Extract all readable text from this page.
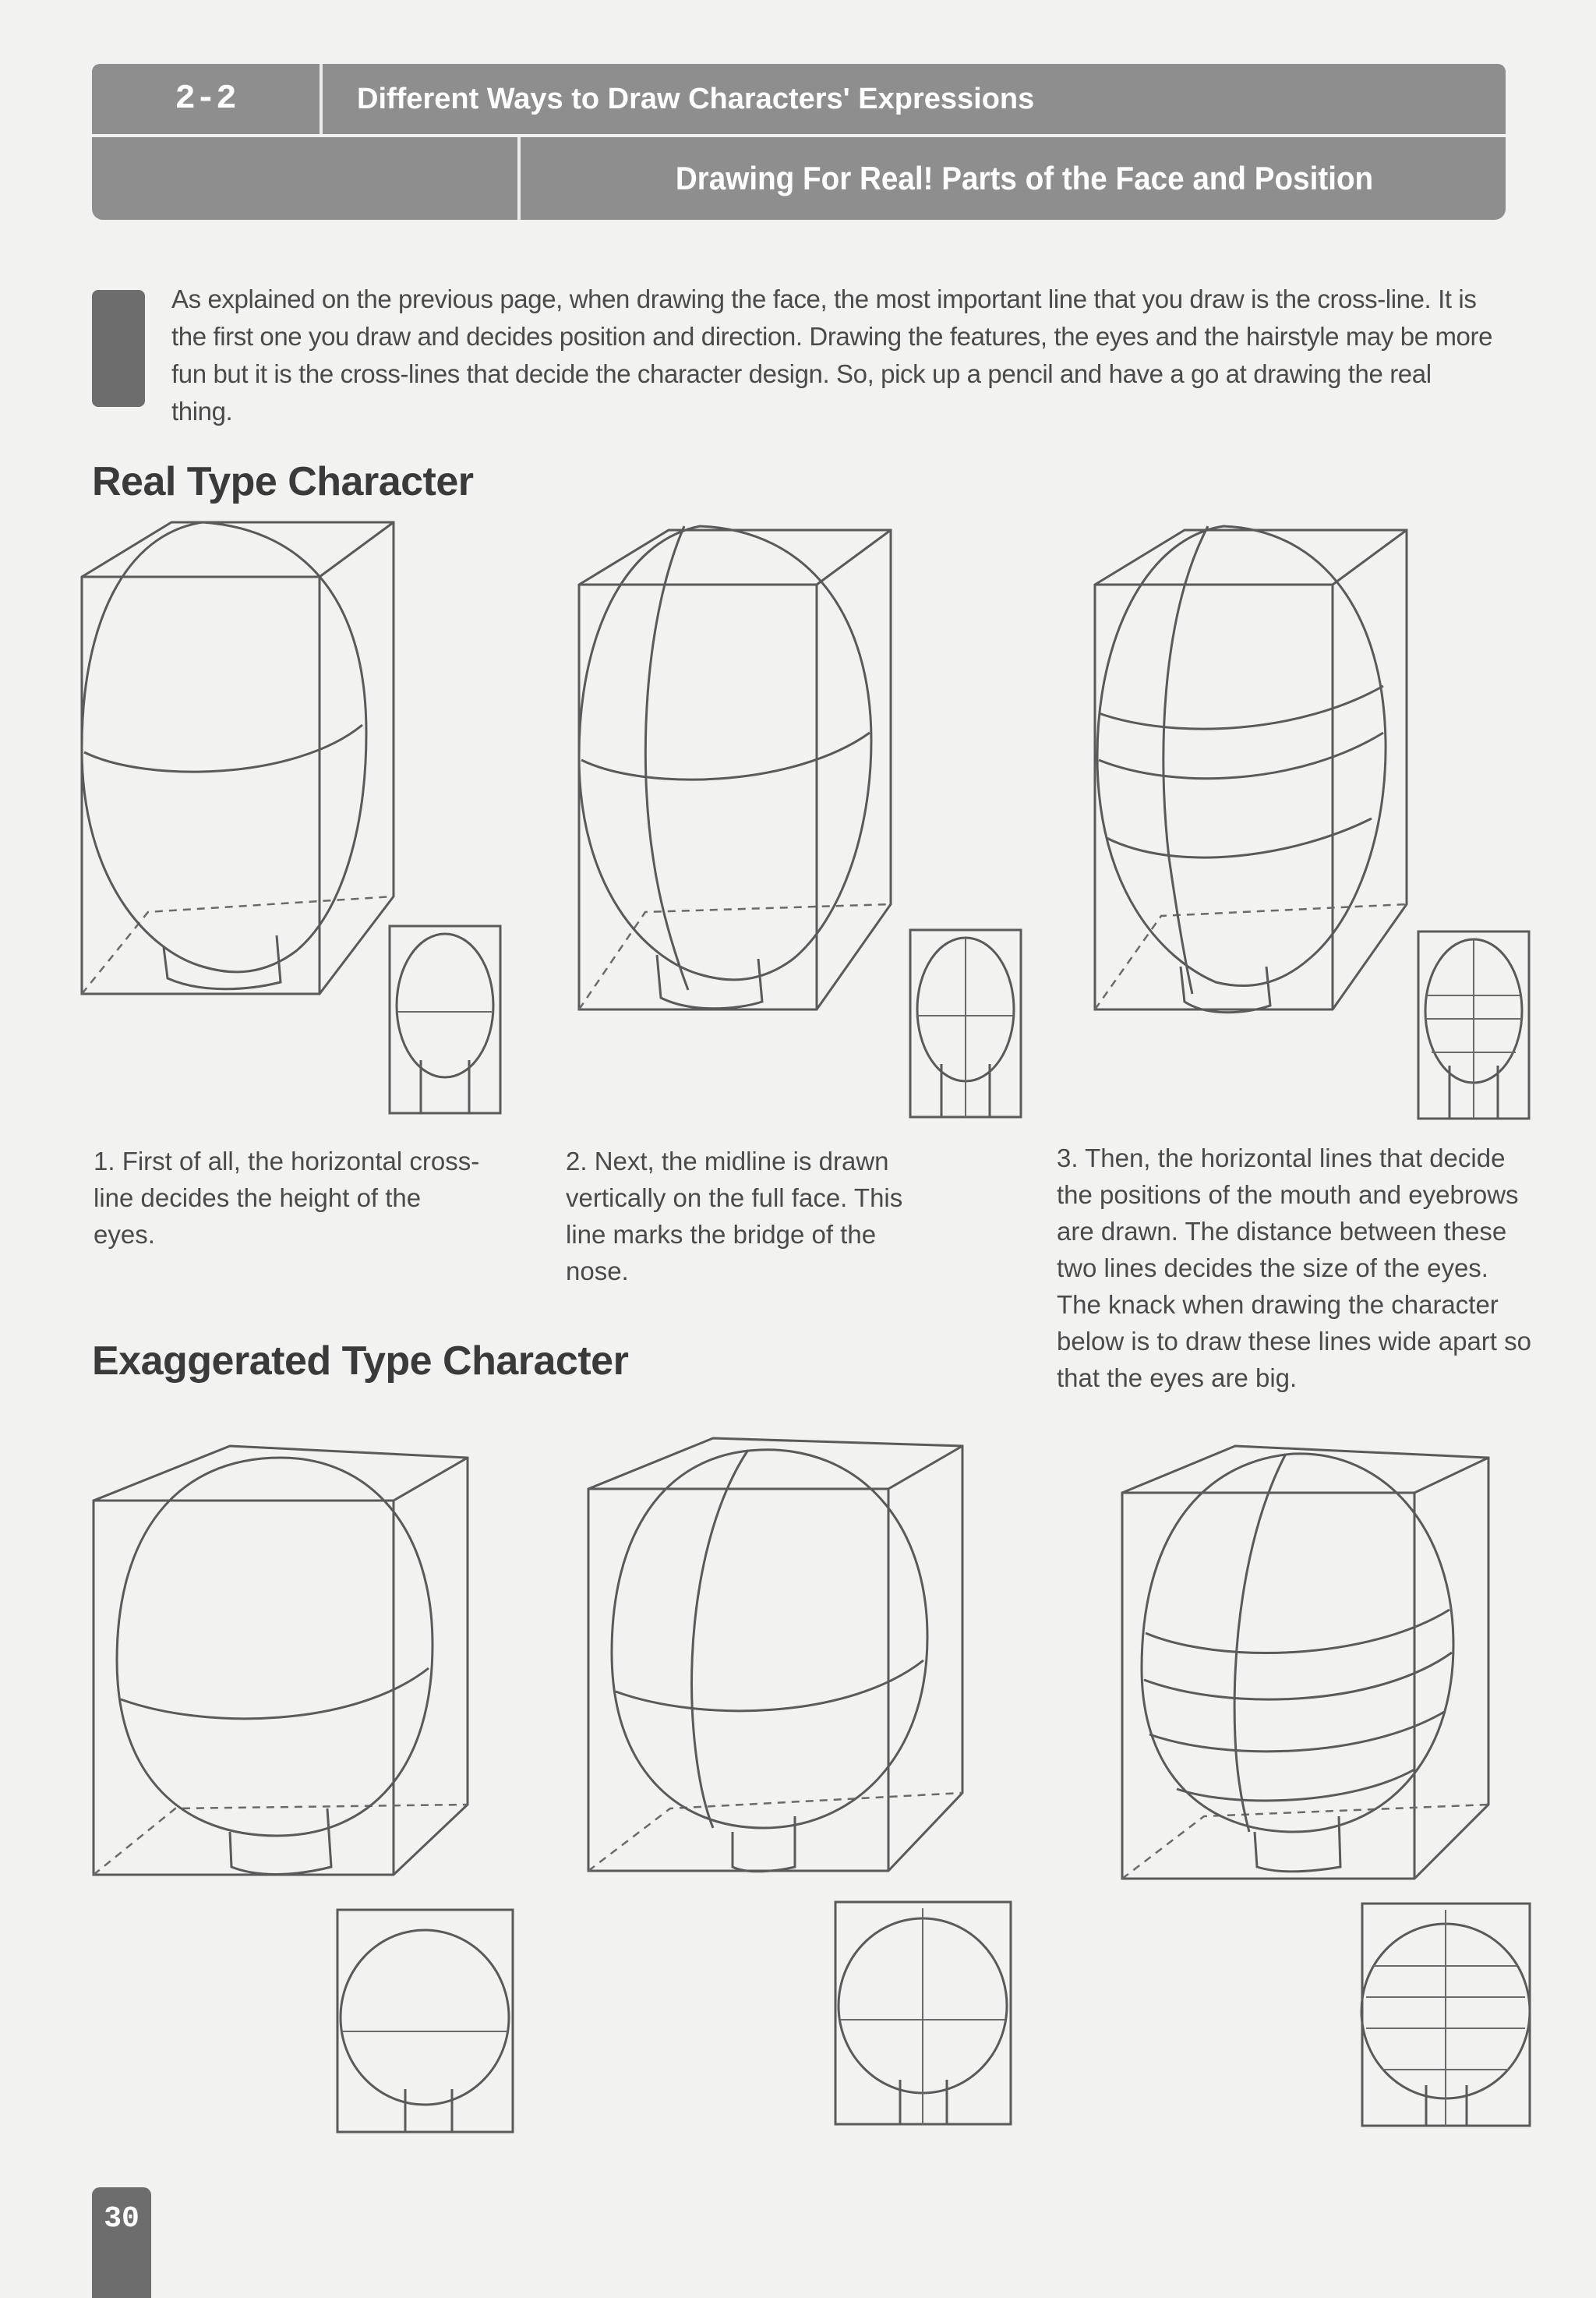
2-2	Different Ways to Draw Characters' Expressions
Drawing For Real! Parts of the Face and Position
As explained on the previous page, when drawing the face, the most important line that you draw is the cross-line. It is the first one you draw and decides position and direction. Drawing the features, the eyes and the hairstyle may be more fun but it is the cross-lines that decide the character design. So, pick up a pencil and have a go at drawing the real thing.
Real Type Character
1. First of all, the horizontal cross-line decides the height of the eyes.
2. Next, the midline is drawn vertically on the full face. This line marks the bridge of the nose.
3. Then, the horizontal lines that decide the positions of the mouth and eyebrows are drawn. The distance between these two lines decides the size of the eyes. The knack when drawing the character below is to draw these lines wide apart so that the eyes are big.
Exaggerated Type Character
30
